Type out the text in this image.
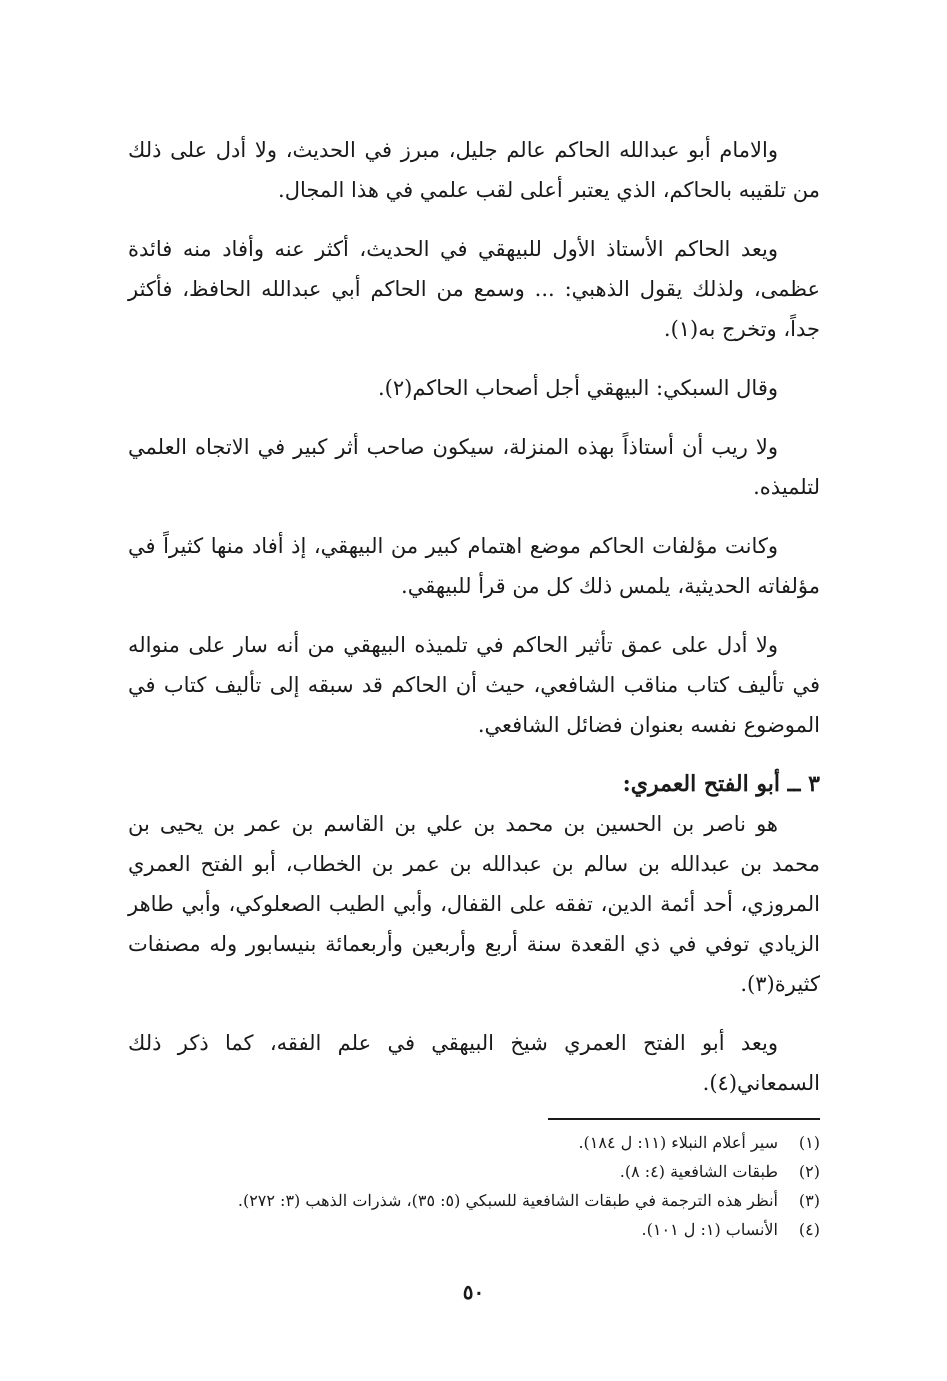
والامام أبو عبدالله الحاكم عالم جليل، مبرز في الحديث، ولا أدل على ذلك من تلقيبه بالحاكم، الذي يعتبر أعلى لقب علمي في هذا المجال.

ويعد الحاكم الأستاذ الأول للبيهقي في الحديث، أكثر عنه وأفاد منه فائدة عظمى، ولذلك يقول الذهبي: ... وسمع من الحاكم أبي عبدالله الحافظ، فأكثر جداً، وتخرج به(١).

وقال السبكي: البيهقي أجل أصحاب الحاكم(٢).

ولا ريب أن أستاذاً بهذه المنزلة، سيكون صاحب أثر كبير في الاتجاه العلمي لتلميذه.

وكانت مؤلفات الحاكم موضع اهتمام كبير من البيهقي، إذ أفاد منها كثيراً في مؤلفاته الحديثية، يلمس ذلك كل من قرأ للبيهقي.

ولا أدل على عمق تأثير الحاكم في تلميذه البيهقي من أنه سار على منواله في تأليف كتاب مناقب الشافعي، حيث أن الحاكم قد سبقه إلى تأليف كتاب في الموضوع نفسه بعنوان فضائل الشافعي.

٣ ــ أبو الفتح العمري:

هو ناصر بن الحسين بن محمد بن علي بن القاسم بن عمر بن يحيى بن محمد بن عبدالله بن سالم بن عبدالله بن عمر بن الخطاب، أبو الفتح العمري المروزي، أحد أئمة الدين، تفقه على القفال، وأبي الطيب الصعلوكي، وأبي طاهر الزيادي توفي في ذي القعدة سنة أربع وأربعين وأربعمائة بنيسابور وله مصنفات كثيرة(٣).

ويعد أبو الفتح العمري شيخ البيهقي في علم الفقه، كما ذكر ذلك السمعاني(٤).

(١)
سير أعلام النبلاء (١١: ل ١٨٤).
(٢)
طبقات الشافعية (٤: ٨).
(٣)
أنظر هذه الترجمة في طبقات الشافعية للسبكي (٥: ٣٥)، شذرات الذهب (٣: ٢٧٢).
(٤)
الأنساب (١: ل ١٠١).
٥٠
